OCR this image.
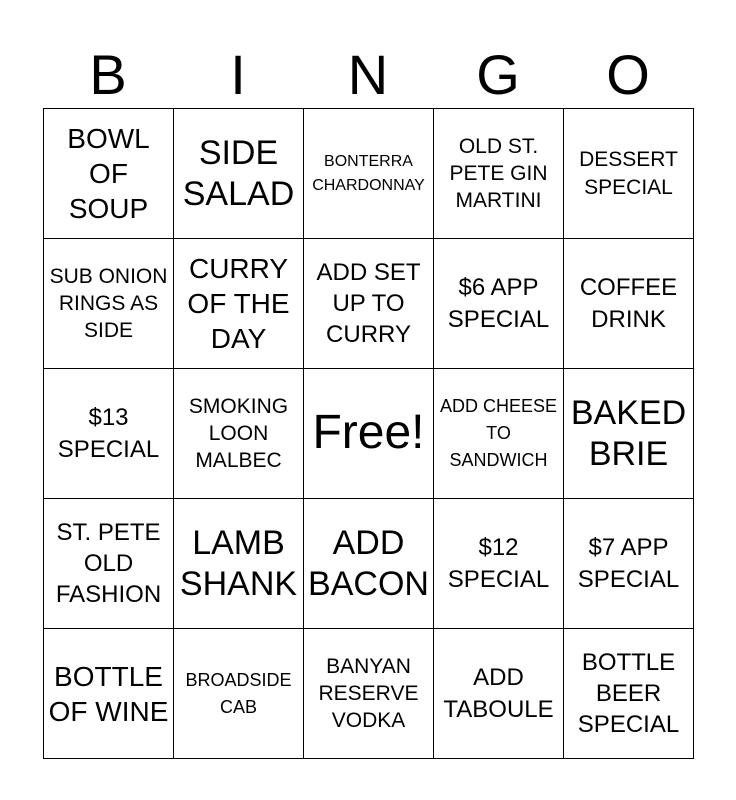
B	I	N	G	O
BOWL OF SOUP	SIDE SALAD	BONTERRA CHARDONNAY	OLD ST. PETE GIN MARTINI	DESSERT SPECIAL
SUB ONION RINGS AS SIDE	CURRY OF THE DAY	ADD SET UP TO CURRY	$6 APP SPECIAL	COFFEE DRINK
$13 SPECIAL	SMOKING LOON MALBEC	Free!	ADD CHEESE TO SANDWICH	BAKED BRIE
ST. PETE OLD FASHION	LAMB SHANK	ADD BACON	$12 SPECIAL	$7 APP SPECIAL
BOTTLE OF WINE	BROADSIDE CAB	BANYAN RESERVE VODKA	ADD TABOULE	BOTTLE BEER SPECIAL
